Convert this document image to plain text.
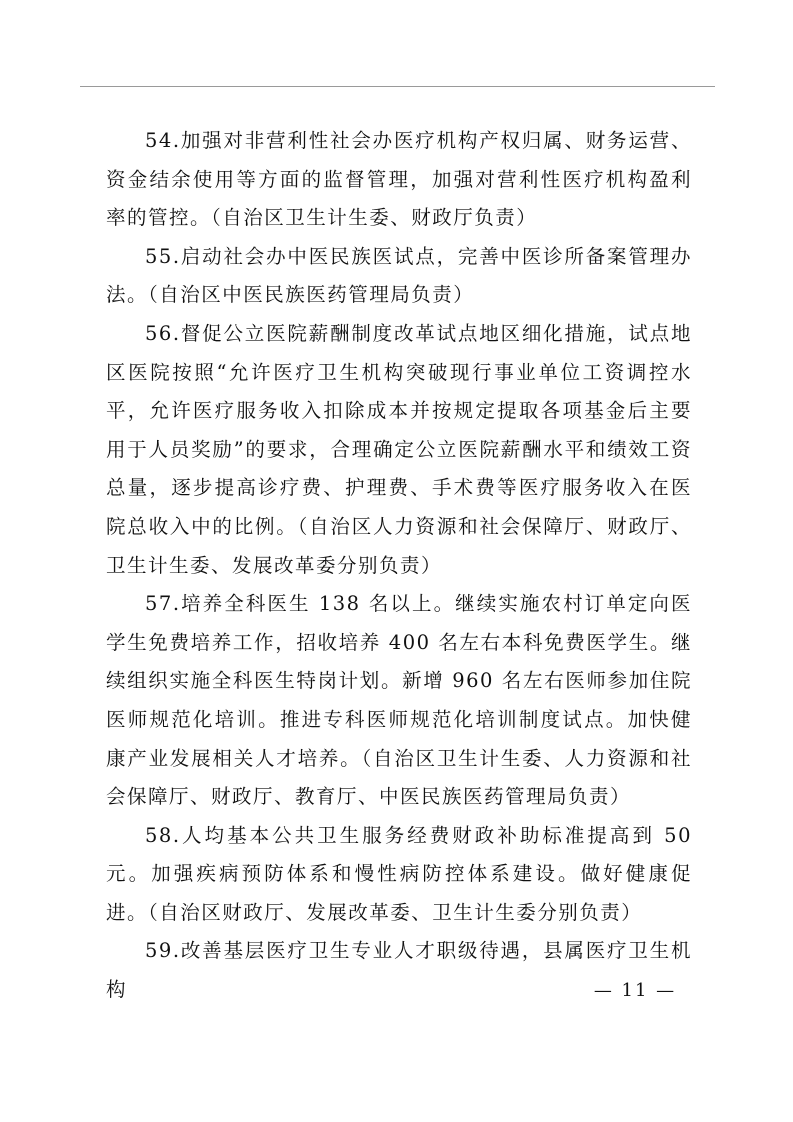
54.加强对非营利性社会办医疗机构产权归属、财务运营、资金结余使用等方面的监督管理，加强对营利性医疗机构盈利率的管控。（自治区卫生计生委、财政厅负责）

55.启动社会办中医民族医试点，完善中医诊所备案管理办法。（自治区中医民族医药管理局负责）

56.督促公立医院薪酬制度改革试点地区细化措施，试点地区医院按照“允许医疗卫生机构突破现行事业单位工资调控水平，允许医疗服务收入扣除成本并按规定提取各项基金后主要用于人员奖励”的要求，合理确定公立医院薪酬水平和绩效工资总量，逐步提高诊疗费、护理费、手术费等医疗服务收入在医院总收入中的比例。（自治区人力资源和社会保障厅、财政厅、卫生计生委、发展改革委分别负责）

57.培养全科医生 138 名以上。继续实施农村订单定向医学生免费培养工作，招收培养 400 名左右本科免费医学生。继续组织实施全科医生特岗计划。新增 960 名左右医师参加住院医师规范化培训。推进专科医师规范化培训制度试点。加快健康产业发展相关人才培养。（自治区卫生计生委、人力资源和社会保障厅、财政厅、教育厅、中医民族医药管理局负责）

58.人均基本公共卫生服务经费财政补助标准提高到 50 元。加强疾病预防体系和慢性病防控体系建设。做好健康促进。（自治区财政厅、发展改革委、卫生计生委分别负责）

59.改善基层医疗卫生专业人才职级待遇，县属医疗卫生机构	— 11 —
